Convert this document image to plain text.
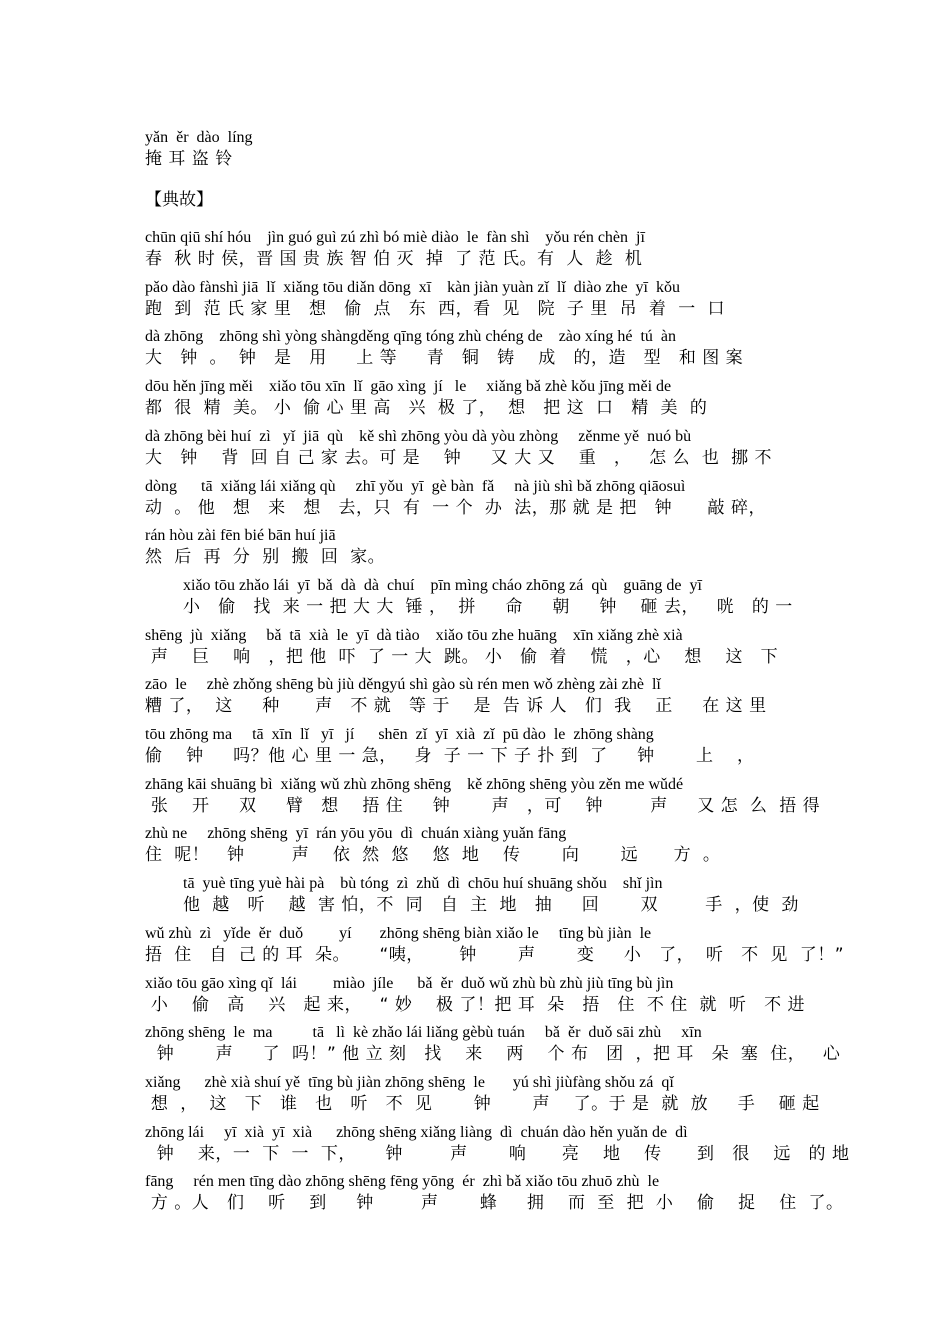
yǎn  ěr  dào  líng
掩 耳 盗 铃
【典故】
chūn qiū shí hóu    jìn guó guì zú zhì bó miè diào  le  fàn shì    yǒu rén chèn  jī
春  秋 时 侯，晋 国 贵 族 智 伯 灭  掉  了 范 氏。有  人  趁  机
pǎo dào fànshì jiā  lǐ  xiǎng tōu diǎn dōng  xī    kàn jiàn yuàn zǐ  lǐ  diào zhe  yī  kǒu
跑  到  范 氏 家 里   想   偷  点   东  西，看  见   院  子 里  吊  着  一  口
dà zhōng    zhōng shì yòng shàngděng qīng tóng zhù chéng de    zào xíng hé  tú  àn
大   钟  。  钟   是   用     上 等     青   铜   铸    成   的，造   型   和 图 案
dōu hěn jīng měi    xiǎo tōu xīn  lǐ  gāo xìng  jí   le     xiǎng bǎ zhè kǒu jīng měi de
都  很  精  美。 小  偷 心 里 高   兴  极 了，  想   把 这  口   精  美  的
dà zhōng bèi huí  zì   yǐ  jiā  qù    kě shì zhōng yòu dà yòu zhòng     zěnme yě  nuó bù
大   钟    背  回 自 己 家 去。可 是    钟     又 大 又    重   ，   怎 么  也  挪 不
dòng      tā  xiǎng lái xiǎng qù     zhī yǒu  yī  gè bàn  fǎ     nà jiù shì bǎ zhōng qiāosuì
动  。 他   想   来   想   去，只  有  一 个  办  法，那 就 是 把   钟      敲 碎，
rán hòu zài fēn bié bān huí jiā
然  后  再  分  别  搬  回  家。
xiǎo tōu zhǎo lái  yī  bǎ  dà  dà  chuí    pīn mìng cháo zhōng zá  qù    guāng de  yī
小   偷   找  来 一 把 大 大  锤 ，  拼     命     朝     钟    砸 去，   咣   的 一
shēng  jù  xiǎng     bǎ  tā  xià  le  yī  dà tiào    xiǎo tōu zhe huāng    xīn xiǎng zhè xià
声    巨    响   ，把 他  吓  了 一 大  跳。 小   偷  着    慌   ，心    想    这   下
zāo  le     zhè zhǒng shēng bù jiù děngyú shì gào sù rén men wǒ zhèng zài zhè  lǐ
糟 了，  这     种      声   不 就   等 于    是  告 诉 人   们  我    正     在 这 里
tōu zhōng ma     tā  xīn  lǐ   yī   jí      shēn  zǐ  yī  xià  zǐ  pū dào  le  zhōng shàng
偷    钟     吗？他 心 里 一 急，   身  子 一 下 子 扑 到  了     钟       上    ，
zhāng kāi shuāng bì  xiǎng wǔ zhù zhōng shēng    kě zhōng shēng yòu zěn me wǔdé
张    开     双     臂   想    捂 住     钟       声   ，可    钟        声     又 怎  么  捂 得
zhù ne     zhōng shēng  yī  rán yōu yōu  dì  chuán xiàng yuǎn fāng
住  呢！   钟        声    依  然  悠    悠  地    传       向       远      方  。
tā  yuè tīng yuè hài pà    bù tóng  zì  zhǔ  dì  chōu huí shuāng shǒu    shǐ jìn
他  越   听    越  害 怕，不  同   自  主  地   抽     回       双        手  ，使  劲
wǔ zhù  zì   yǐde  ěr  duǒ         yí       zhōng shēng biàn xiǎo le     tīng bù jiàn  le
捂  住   自  己 的 耳  朵。     “咦，      钟       声       变     小   了，  听   不  见  了！”
xiǎo tōu gāo xìng qǐ  lái         miào  jíle      bǎ  ěr  duǒ wǔ zhù bù zhù jiù tīng bù jìn
小    偷   高    兴   起 来，   “ 妙    极 了！把 耳  朵   捂   住  不 住  就  听   不 进
zhōng shēng  le  ma          tā   lì  kè zhǎo lái liǎng gèbù tuán     bǎ  ěr  duǒ sāi zhù     xīn
钟       声     了  吗！” 他 立 刻   找    来    两    个 布   团  ，把 耳   朵  塞  住，   心
xiǎng      zhè xià shuí yě  tīng bù jiàn zhōng shēng  le       yú shì jiùfàng shǒu zá  qǐ
想  ，  这   下   谁   也   听   不  见       钟       声    了。于 是  就  放     手    砸 起
zhōng lái     yī  xià  yī  xià      zhōng shēng xiǎng liàng  dì  chuán dào hěn yuǎn de  dì
钟    来，一  下  一  下，     钟        声       响      亮    地    传      到   很    远   的 地
fāng     rén men tīng dào zhōng shēng fēng yōng  ér  zhì bǎ xiǎo tōu zhuō zhù  le
方 。人   们    听    到     钟        声       蜂     拥    而  至  把  小    偷    捉    住  了。
